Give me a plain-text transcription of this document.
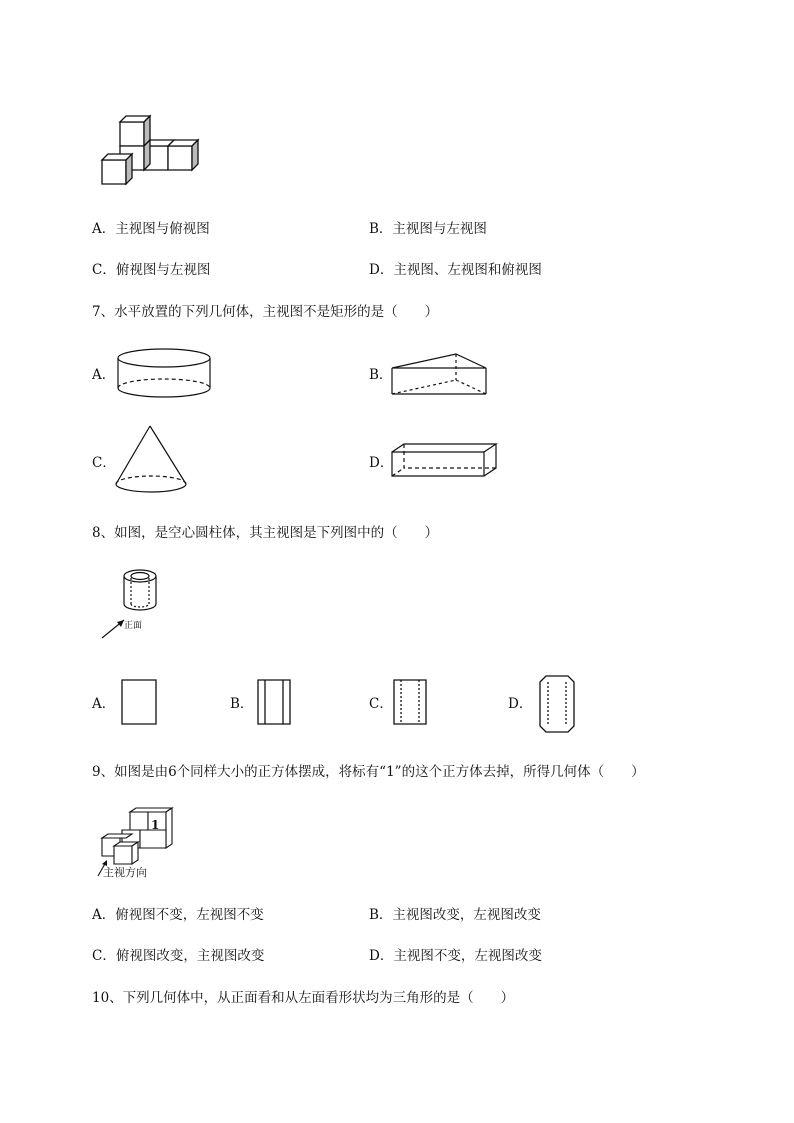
A．主视图与俯视图	B．主视图与左视图
C．俯视图与左视图	D．主视图、左视图和俯视图
7、水平放置的下列几何体，主视图不是矩形的是（　　）
A．	B．
C．	D．
8、如图，是空心圆柱体，其主视图是下列图中的（　　）
正面
A．	B．	C．	D．
9、如图是由6个同样大小的正方体摆成，将标有“1”的这个正方体去掉，所得几何体（　　）
1
主视方向
A．俯视图不变，左视图不变	B．主视图改变，左视图改变
C．俯视图改变，主视图改变	D．主视图不变，左视图改变
10、下列几何体中，从正面看和从左面看形状均为三角形的是（　　）
